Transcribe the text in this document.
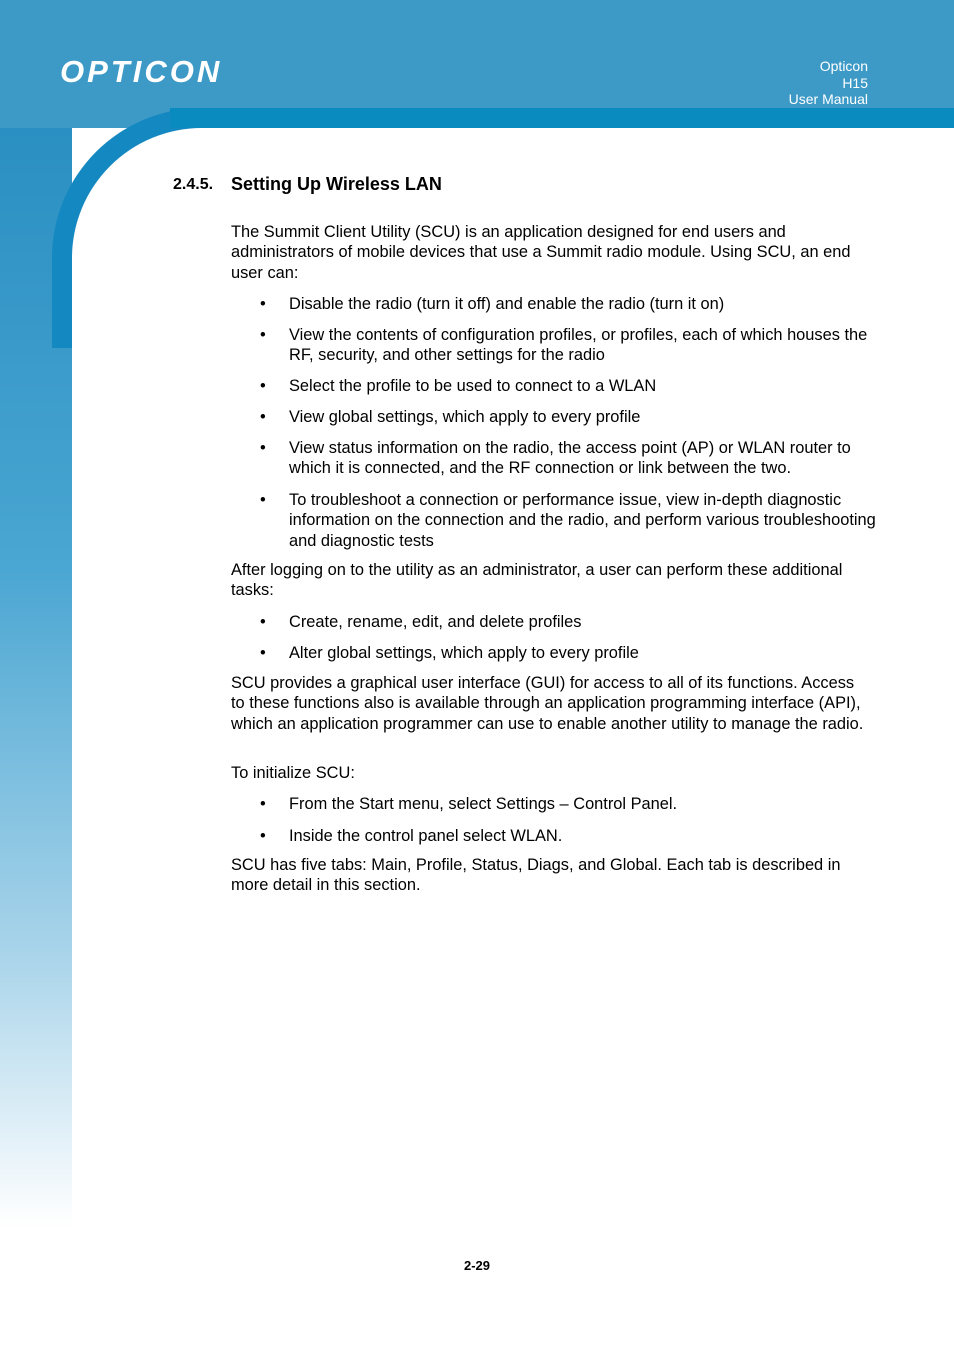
OPTICON	Opticon
H15
User Manual
2.4.5. Setting Up Wireless LAN
The Summit Client Utility (SCU) is an application designed for end users and administrators of mobile devices that use a Summit radio module. Using SCU, an end user can:
• Disable the radio (turn it off) and enable the radio (turn it on)
• View the contents of configuration profiles, or profiles, each of which houses the RF, security, and other settings for the radio
• Select the profile to be used to connect to a WLAN
• View global settings, which apply to every profile
• View status information on the radio, the access point (AP) or WLAN router to which it is connected, and the RF connection or link between the two.
• To troubleshoot a connection or performance issue, view in-depth diagnostic information on the connection and the radio, and perform various troubleshooting and diagnostic tests
After logging on to the utility as an administrator, a user can perform these additional tasks:
• Create, rename, edit, and delete profiles
• Alter global settings, which apply to every profile
SCU provides a graphical user interface (GUI) for access to all of its functions. Access to these functions also is available through an application programming interface (API), which an application programmer can use to enable another utility to manage the radio.
To initialize SCU:
• From the Start menu, select Settings – Control Panel.
• Inside the control panel select WLAN.
SCU has five tabs: Main, Profile, Status, Diags, and Global. Each tab is described in more detail in this section.
2-29
